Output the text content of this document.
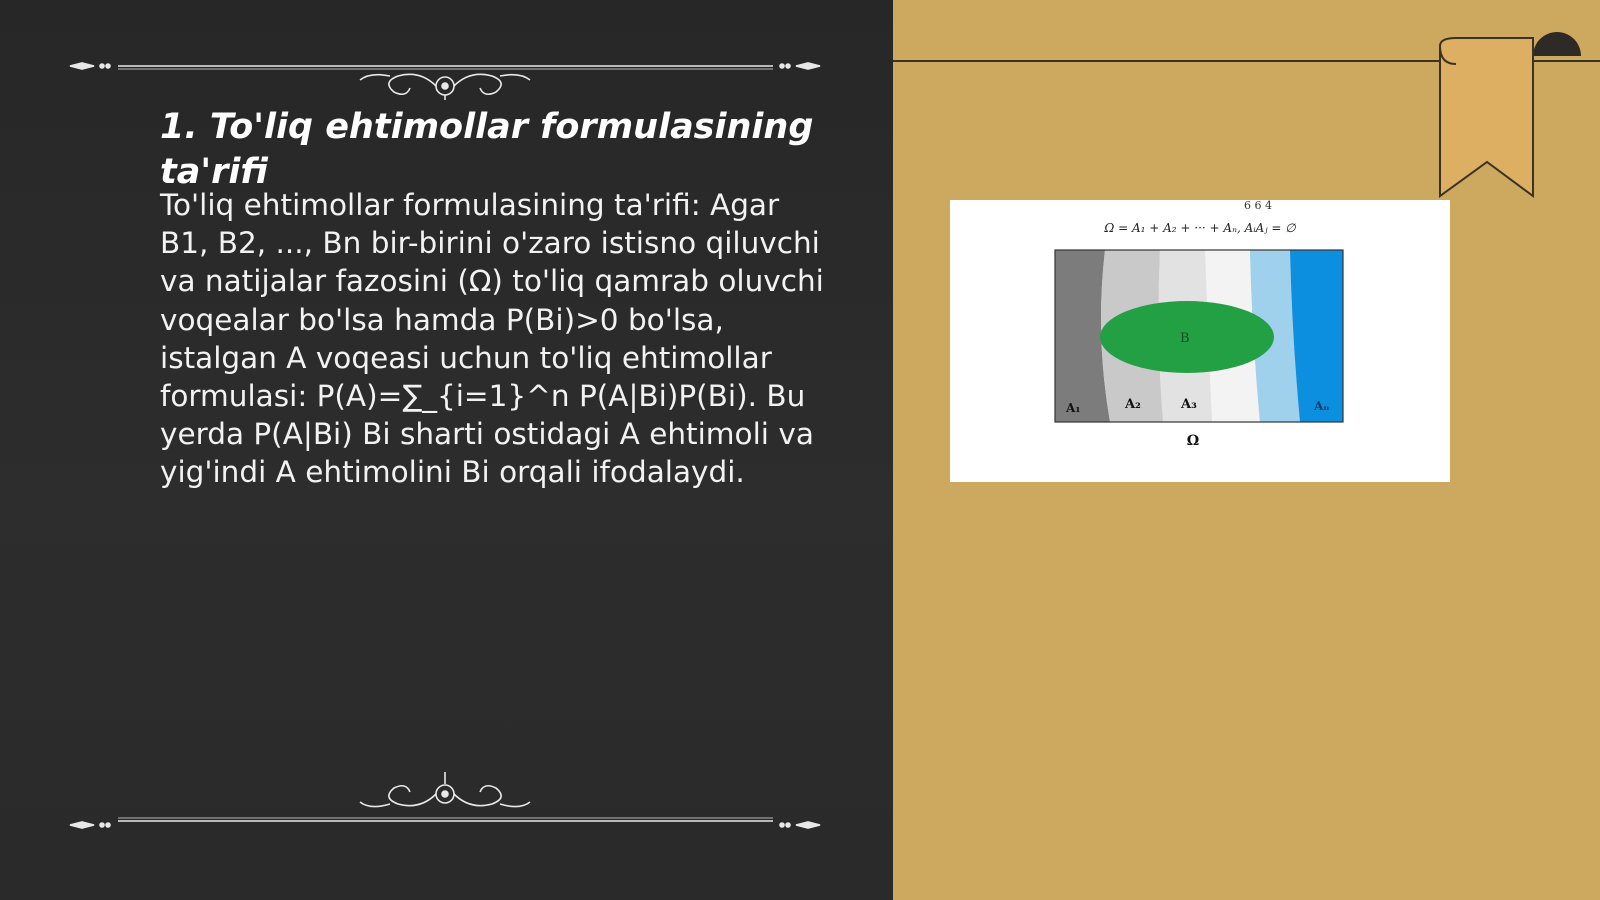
1. To'liq ehtimollar formulasining ta'rifi

To'liq ehtimollar formulasining ta'rifi: Agar B1, B2, ..., Bn bir-birini o'zaro istisno qiluvchi va natijalar fazosini (Ω) to'liq qamrab oluvchi voqealar bo'lsa hamda P(Bi)>0 bo'lsa, istalgan A voqeasi uchun to'liq ehtimollar formulasi: P(A)=∑_{i=1}^n P(A|Bi)P(Bi). Bu yerda P(A|Bi) Bi sharti ostidagi A ehtimoli va yig'indi A ehtimolini Bi orqali ifodalaydi.

6 6 4
Ω = A₁ + A₂ + ··· + Aₙ, AᵢAⱼ = ∅
B
A₁	A₂	A₃	Aₙ
Ω
